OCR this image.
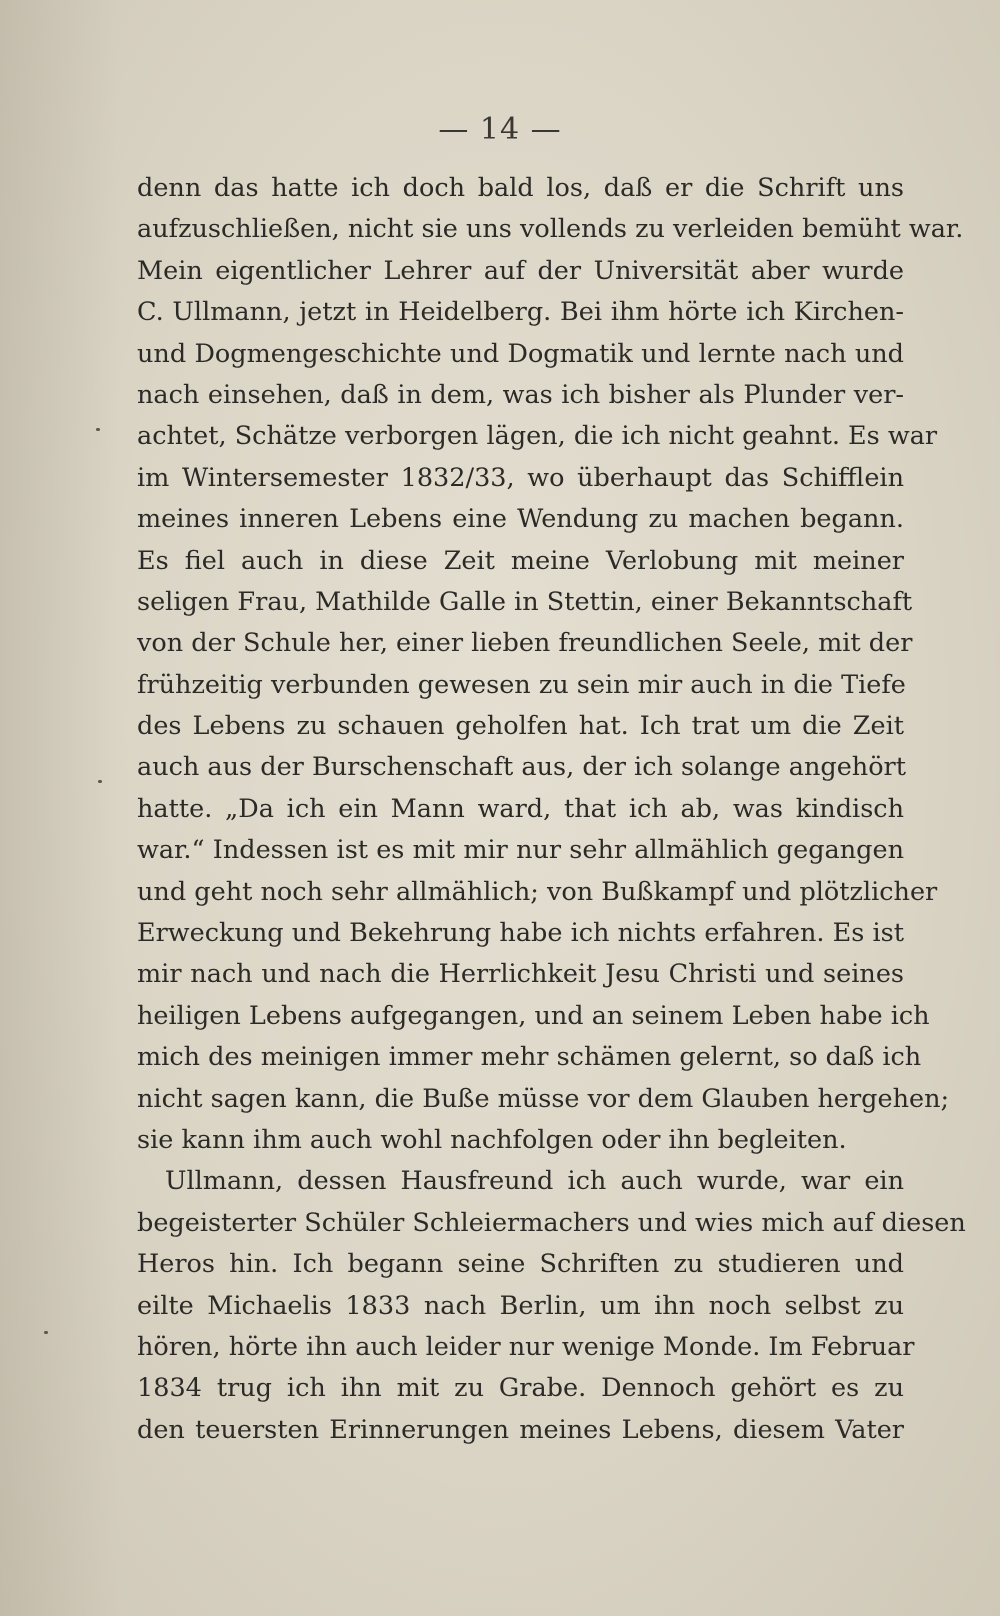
— 14 —
denn das hatte ich doch bald los, daß er die Schrift uns
aufzuschließen, nicht sie uns vollends zu verleiden bemüht war.
Mein eigentlicher Lehrer auf der Universität aber wurde
C. Ullmann, jetzt in Heidelberg. Bei ihm hörte ich Kirchen-
und Dogmengeschichte und Dogmatik und lernte nach und
nach einsehen, daß in dem, was ich bisher als Plunder ver-
achtet, Schätze verborgen lägen, die ich nicht geahnt. Es war
im Wintersemester 1832/33, wo überhaupt das Schifflein
meines inneren Lebens eine Wendung zu machen begann.
Es fiel auch in diese Zeit meine Verlobung mit meiner
seligen Frau, Mathilde Galle in Stettin, einer Bekanntschaft
von der Schule her, einer lieben freundlichen Seele, mit der
frühzeitig verbunden gewesen zu sein mir auch in die Tiefe
des Lebens zu schauen geholfen hat. Ich trat um die Zeit
auch aus der Burschenschaft aus, der ich solange angehört
hatte. „Da ich ein Mann ward, that ich ab, was kindisch
war.“ Indessen ist es mit mir nur sehr allmählich gegangen
und geht noch sehr allmählich; von Bußkampf und plötzlicher
Erweckung und Bekehrung habe ich nichts erfahren. Es ist
mir nach und nach die Herrlichkeit Jesu Christi und seines
heiligen Lebens aufgegangen, und an seinem Leben habe ich
mich des meinigen immer mehr schämen gelernt, so daß ich
nicht sagen kann, die Buße müsse vor dem Glauben hergehen;
sie kann ihm auch wohl nachfolgen oder ihn begleiten.
Ullmann, dessen Hausfreund ich auch wurde, war ein
begeisterter Schüler Schleiermachers und wies mich auf diesen
Heros hin. Ich begann seine Schriften zu studieren und
eilte Michaelis 1833 nach Berlin, um ihn noch selbst zu
hören, hörte ihn auch leider nur wenige Monde. Im Februar
1834 trug ich ihn mit zu Grabe. Dennoch gehört es zu
den teuersten Erinnerungen meines Lebens, diesem Vater
